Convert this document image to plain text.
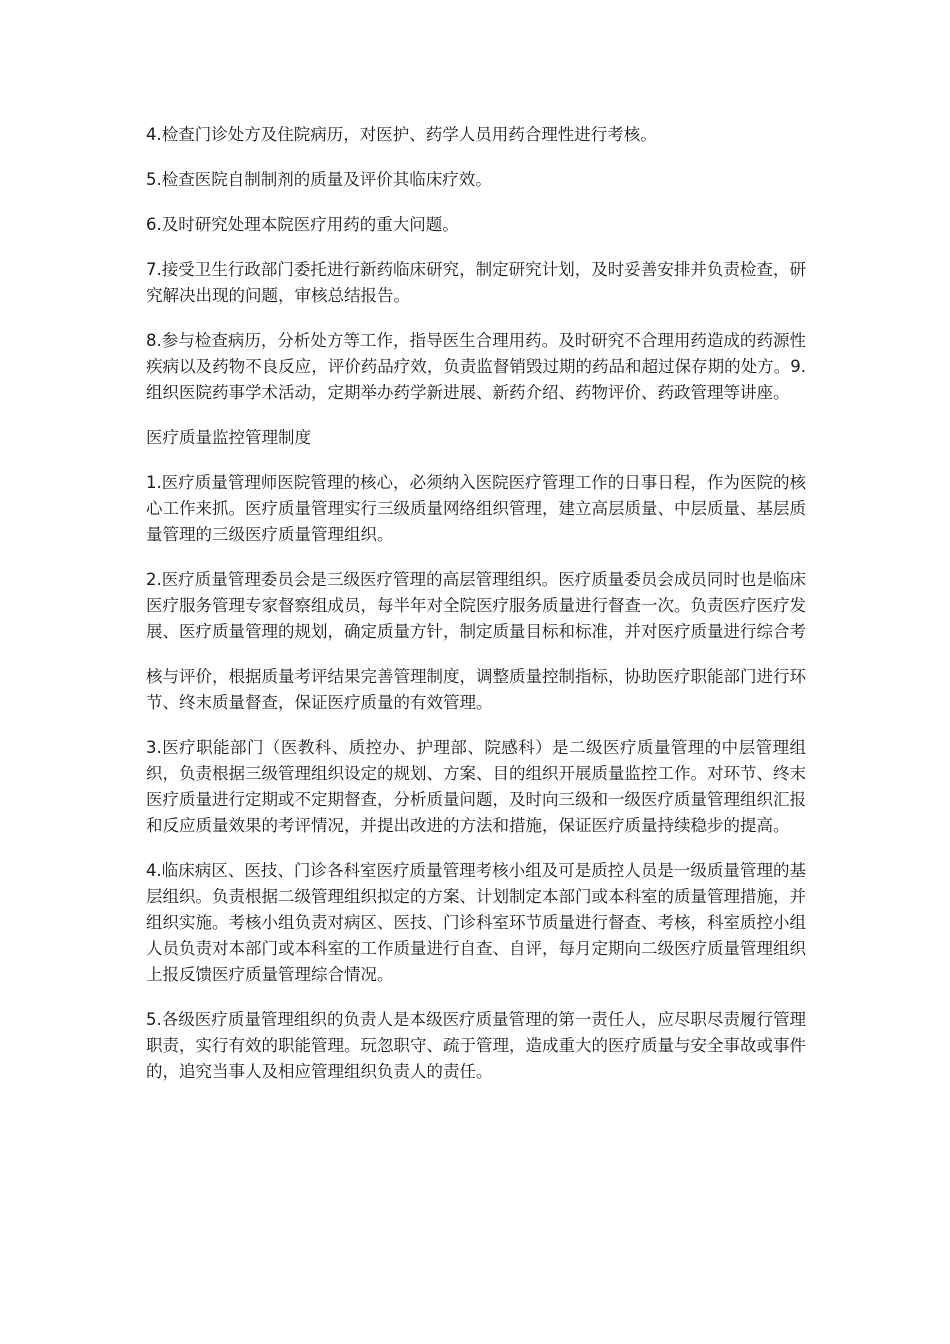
4.检查门诊处方及住院病历，对医护、药学人员用药合理性进行考核。

5.检查医院自制制剂的质量及评价其临床疗效。

6.及时研究处理本院医疗用药的重大问题。

7.接受卫生行政部门委托进行新药临床研究，制定研究计划，及时妥善安排并负责检查，研究解决出现的问题，审核总结报告。

8.参与检查病历，分析处方等工作，指导医生合理用药。及时研究不合理用药造成的药源性疾病以及药物不良反应，评价药品疗效，负责监督销毁过期的药品和超过保存期的处方。9.组织医院药事学术活动，定期举办药学新进展、新药介绍、药物评价、药政管理等讲座。

医疗质量监控管理制度

1.医疗质量管理师医院管理的核心，必须纳入医院医疗管理工作的日事日程，作为医院的核心工作来抓。医疗质量管理实行三级质量网络组织管理，建立高层质量、中层质量、基层质量管理的三级医疗质量管理组织。

2.医疗质量管理委员会是三级医疗管理的高层管理组织。医疗质量委员会成员同时也是临床医疗服务管理专家督察组成员，每半年对全院医疗服务质量进行督查一次。负责医疗医疗发展、医疗质量管理的规划，确定质量方针，制定质量目标和标准，并对医疗质量进行综合考

核与评价，根据质量考评结果完善管理制度，调整质量控制指标，协助医疗职能部门进行环节、终末质量督查，保证医疗质量的有效管理。

3.医疗职能部门（医教科、质控办、护理部、院感科）是二级医疗质量管理的中层管理组织，负责根据三级管理组织设定的规划、方案、目的组织开展质量监控工作。对环节、终末医疗质量进行定期或不定期督查，分析质量问题，及时向三级和一级医疗质量管理组织汇报和反应质量效果的考评情况，并提出改进的方法和措施，保证医疗质量持续稳步的提高。

4.临床病区、医技、门诊各科室医疗质量管理考核小组及可是质控人员是一级质量管理的基层组织。负责根据二级管理组织拟定的方案、计划制定本部门或本科室的质量管理措施，并组织实施。考核小组负责对病区、医技、门诊科室环节质量进行督查、考核，科室质控小组人员负责对本部门或本科室的工作质量进行自查、自评，每月定期向二级医疗质量管理组织上报反馈医疗质量管理综合情况。

5.各级医疗质量管理组织的负责人是本级医疗质量管理的第一责任人，应尽职尽责履行管理职责，实行有效的职能管理。玩忽职守、疏于管理，造成重大的医疗质量与安全事故或事件的，追究当事人及相应管理组织负责人的责任。
